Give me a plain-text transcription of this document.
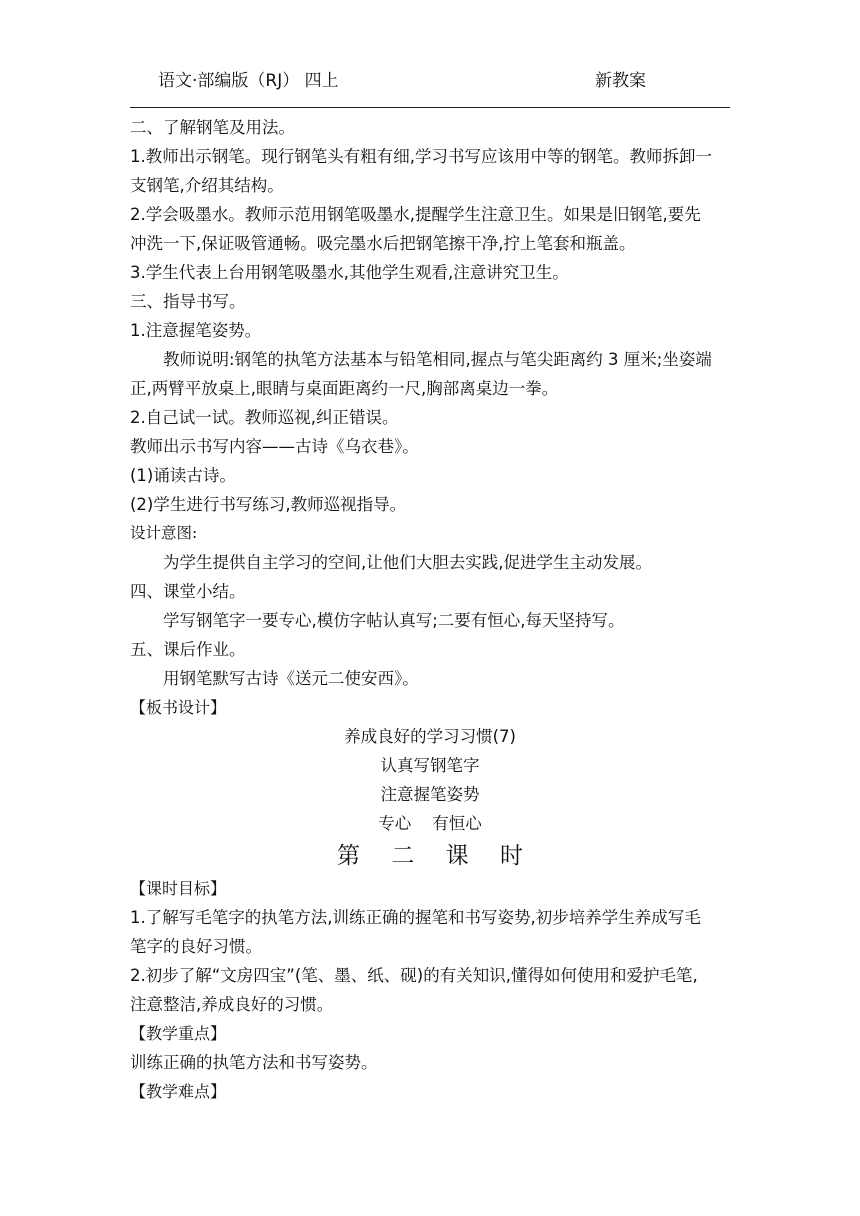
语文·部编版（RJ） 四上	新教案
二、了解钢笔及用法。
1.教师出示钢笔。现行钢笔头有粗有细,学习书写应该用中等的钢笔。教师拆卸一
支钢笔,介绍其结构。
2.学会吸墨水。教师示范用钢笔吸墨水,提醒学生注意卫生。如果是旧钢笔,要先
冲洗一下,保证吸管通畅。吸完墨水后把钢笔擦干净,拧上笔套和瓶盖。
3.学生代表上台用钢笔吸墨水,其他学生观看,注意讲究卫生。
三、指导书写。
1.注意握笔姿势。
教师说明:钢笔的执笔方法基本与铅笔相同,握点与笔尖距离约 3 厘米;坐姿端
正,两臂平放桌上,眼睛与桌面距离约一尺,胸部离桌边一拳。
2.自己试一试。教师巡视,纠正错误。
教师出示书写内容——古诗《乌衣巷》。
(1)诵读古诗。
(2)学生进行书写练习,教师巡视指导。
设计意图:
为学生提供自主学习的空间,让他们大胆去实践,促进学生主动发展。
四、课堂小结。
学写钢笔字一要专心,模仿字帖认真写;二要有恒心,每天坚持写。
五、课后作业。
用钢笔默写古诗《送元二使安西》。
【板书设计】
养成良好的学习习惯(7)
认真写钢笔字
注意握笔姿势
专心    有恒心
第 二 课 时
【课时目标】
1.了解写毛笔字的执笔方法,训练正确的握笔和书写姿势,初步培养学生养成写毛
笔字的良好习惯。
2.初步了解“文房四宝”(笔、墨、纸、砚)的有关知识,懂得如何使用和爱护毛笔,
注意整洁,养成良好的习惯。
【教学重点】
训练正确的执笔方法和书写姿势。
【教学难点】
